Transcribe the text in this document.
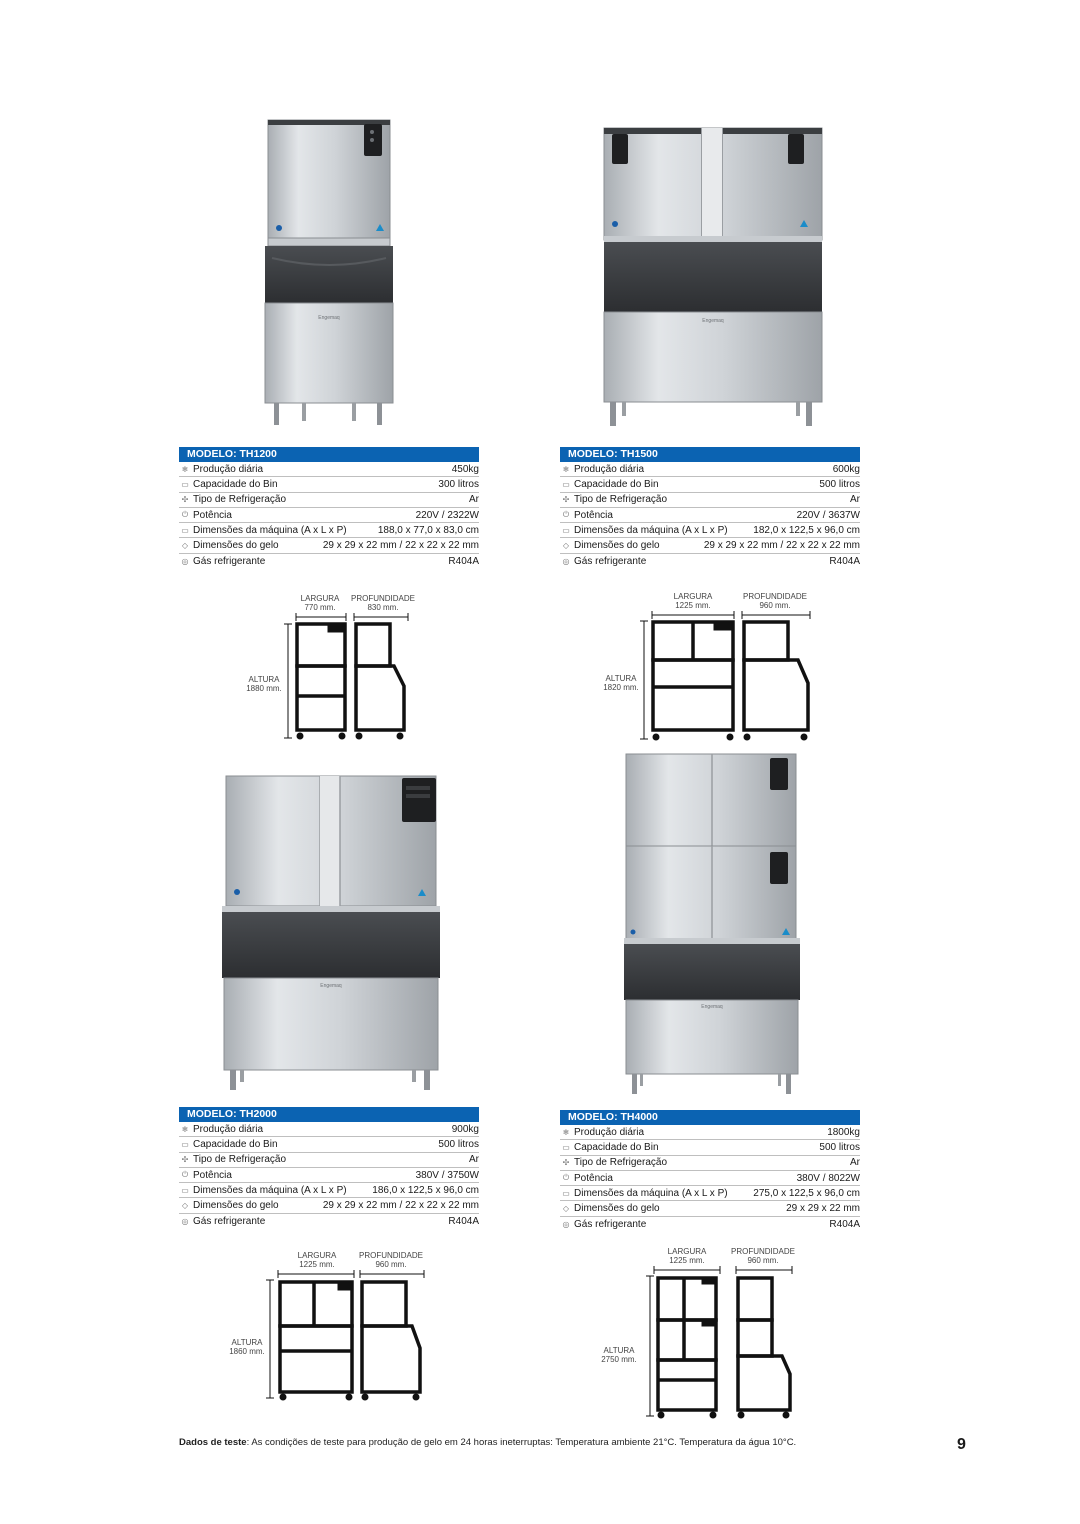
Engemaq	Engemaq
Engemaq
Engemaq
MODELO: TH1200
❄ Produção diária	450kg
▭ Capacidade do Bin	300 litros
✣ Tipo de Refrigeração	Ar
⏻ Potência	220V / 2322W
▭ Dimensões da máquina (A x L x P)	188,0 x 77,0 x 83,0 cm
◇ Dimensões do gelo	29 x 29 x 22 mm / 22 x 22 x 22 mm
◎ Gás refrigerante	R404A
MODELO: TH1500
❄ Produção diária	600kg
▭ Capacidade do Bin	500 litros
✣ Tipo de Refrigeração	Ar
⏻ Potência	220V / 3637W
▭ Dimensões da máquina (A x L x P)	182,0 x 122,5 x 96,0 cm
◇ Dimensões do gelo	29 x 29 x 22 mm / 22 x 22 x 22 mm
◎ Gás refrigerante	R404A
MODELO: TH2000
❄ Produção diária	900kg
▭ Capacidade do Bin	500 litros
✣ Tipo de Refrigeração	Ar
⏻ Potência	380V / 3750W
▭ Dimensões da máquina (A x L x P)	186,0 x 122,5 x 96,0 cm
◇ Dimensões do gelo	29 x 29 x 22 mm / 22 x 22 x 22 mm
◎ Gás refrigerante	R404A
MODELO: TH4000
❄ Produção diária	1800kg
▭ Capacidade do Bin	500 litros
✣ Tipo de Refrigeração	Ar
⏻ Potência	380V / 8022W
▭ Dimensões da máquina (A x L x P)	275,0 x 122,5 x 96,0 cm
◇ Dimensões do gelo	29 x 29 x 22 mm
◎ Gás refrigerante	R404A
LARGURA
770 mm.
PROFUNDIDADE
830 mm.
ALTURA
1880 mm.
LARGURA
1225 mm.
PROFUNDIDADE
960 mm.
ALTURA
1820 mm.
LARGURA
1225 mm.
PROFUNDIDADE
960 mm.
ALTURA
1860 mm.
LARGURA
1225 mm.
PROFUNDIDADE
960 mm.
ALTURA
2750 mm.
Dados de teste: As condições de teste para produção de gelo em 24 horas ineterruptas: Temperatura ambiente 21°C. Temperatura da água 10°C.	9
